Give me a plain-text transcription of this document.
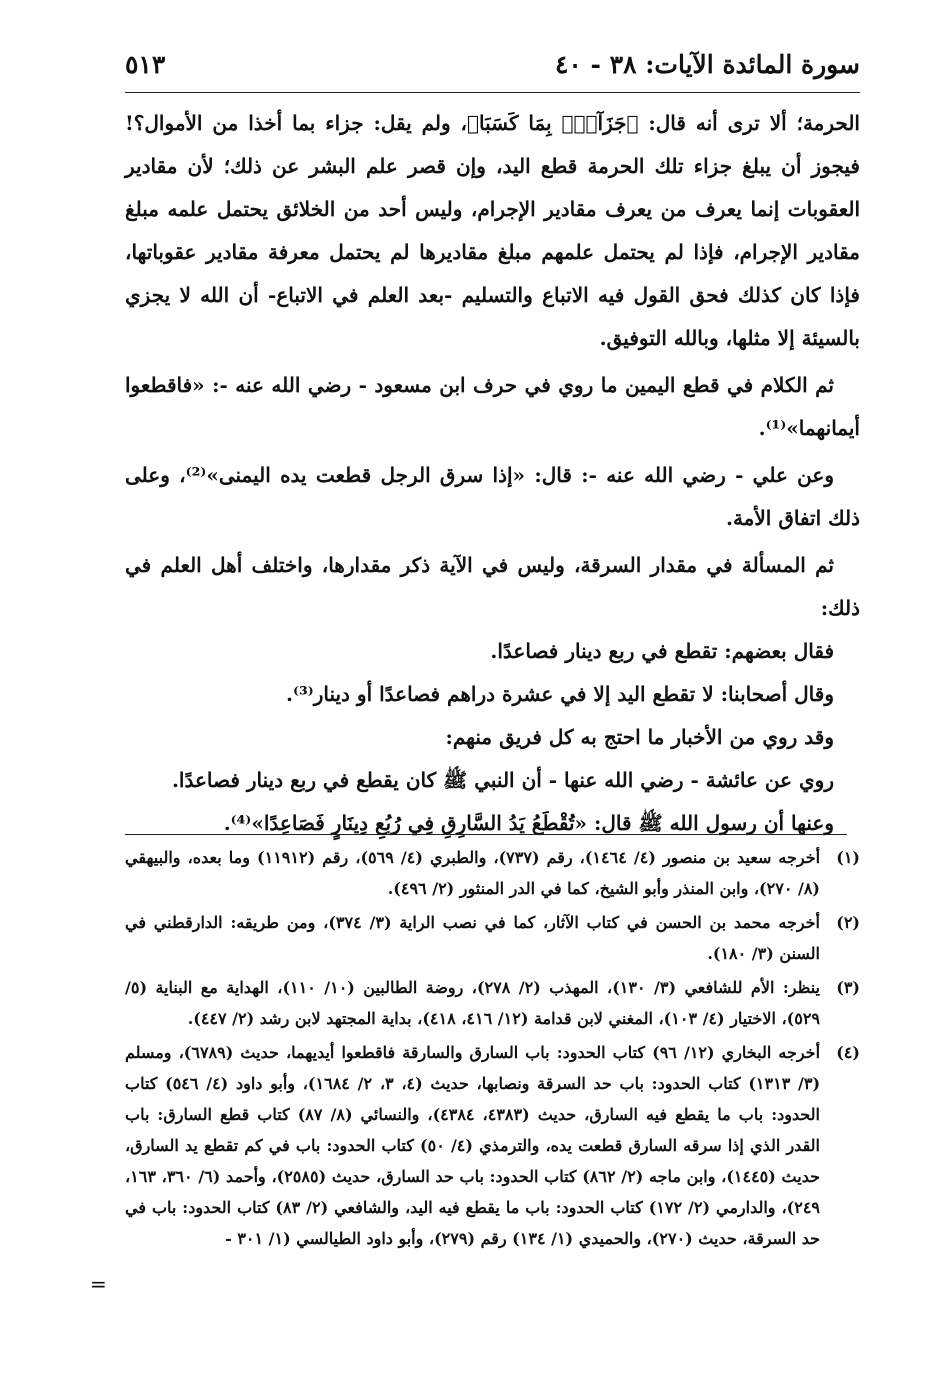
سورة المائدة الآيات: ٣٨ - ٤٠
٥١٣

الحرمة؛ ألا ترى أنه قال: ﴿جَزَآءًۢ بِمَا كَسَبَا﴾، ولم يقل: جزاء بما أخذا من الأموال؟! فيجوز أن يبلغ جزاء تلك الحرمة قطع اليد، وإن قصر علم البشر عن ذلك؛ لأن مقادير العقوبات إنما يعرف من يعرف مقادير الإجرام، وليس أحد من الخلائق يحتمل علمه مبلغ مقادير الإجرام، فإذا لم يحتمل علمهم مبلغ مقاديرها لم يحتمل معرفة مقادير عقوباتها، فإذا كان كذلك فحق القول فيه الاتباع والتسليم -بعد العلم في الاتباع- أن الله لا يجزي بالسيئة إلا مثلها، وبالله التوفيق.

ثم الكلام في قطع اليمين ما روي في حرف ابن مسعود - رضي الله عنه -: «فاقطعوا أيمانهما»⁽¹⁾.

وعن علي - رضي الله عنه -: قال: «إذا سرق الرجل قطعت يده اليمنى»⁽²⁾، وعلى ذلك اتفاق الأمة.

ثم المسألة في مقدار السرقة، وليس في الآية ذكر مقدارها، واختلف أهل العلم في ذلك:

فقال بعضهم: تقطع في ربع دينار فصاعدًا.

وقال أصحابنا: لا تقطع اليد إلا في عشرة دراهم فصاعدًا أو دينار⁽³⁾.

وقد روي من الأخبار ما احتج به كل فريق منهم:

روي عن عائشة - رضي الله عنها - أن النبي ﷺ كان يقطع في ربع دينار فصاعدًا.

وعنها أن رسول الله ﷺ قال: «تُقْطَعُ يَدُ السَّارِقِ فِي رُبُعِ دِينَارٍ فَصَاعِدًا»⁽⁴⁾.

(١)
أخرجه سعيد بن منصور (٤/ ١٤٦٤)، رقم (٧٣٧)، والطبري (٤/ ٥٦٩)، رقم (١١٩١٢) وما بعده، والبيهقي (٨/ ٢٧٠)، وابن المنذر وأبو الشيخ، كما في الدر المنثور (٢/ ٤٩٦).
(٢)
أخرجه محمد بن الحسن في كتاب الآثار، كما في نصب الراية (٣/ ٣٧٤)، ومن طريقه: الدارقطني في السنن (٣/ ١٨٠).
(٣)
ينظر: الأم للشافعي (٣/ ١٣٠)، المهذب (٢/ ٢٧٨)، روضة الطالبين (١٠/ ١١٠)، الهداية مع البناية (٥/ ٥٢٩)، الاختيار (٤/ ١٠٣)، المغني لابن قدامة (١٢/ ٤١٦، ٤١٨)، بداية المجتهد لابن رشد (٢/ ٤٤٧).
(٤)
أخرجه البخاري (١٢/ ٩٦) كتاب الحدود: باب السارق والسارقة فاقطعوا أيديهما، حديث (٦٧٨٩)، ومسلم (٣/ ١٣١٣) كتاب الحدود: باب حد السرقة ونصابها، حديث (٤، ٣، ٢/ ١٦٨٤)، وأبو داود (٤/ ٥٤٦) كتاب الحدود: باب ما يقطع فيه السارق، حديث (٤٣٨٣، ٤٣٨٤)، والنسائي (٨/ ٨٧) كتاب قطع السارق: باب القدر الذي إذا سرقه السارق قطعت يده، والترمذي (٤/ ٥٠) كتاب الحدود: باب في كم تقطع يد السارق، حديث (١٤٤٥)، وابن ماجه (٢/ ٨٦٢) كتاب الحدود: باب حد السارق، حديث (٢٥٨٥)، وأحمد (٦/ ٣٦٠، ١٦٣، ٢٤٩)، والدارمي (٢/ ١٧٢) كتاب الحدود: باب ما يقطع فيه اليد، والشافعي (٢/ ٨٣) كتاب الحدود: باب في حد السرقة، حديث (٢٧٠)، والحميدي (١/ ١٣٤) رقم (٢٧٩)، وأبو داود الطيالسي (١/ ٣٠١ -
=
